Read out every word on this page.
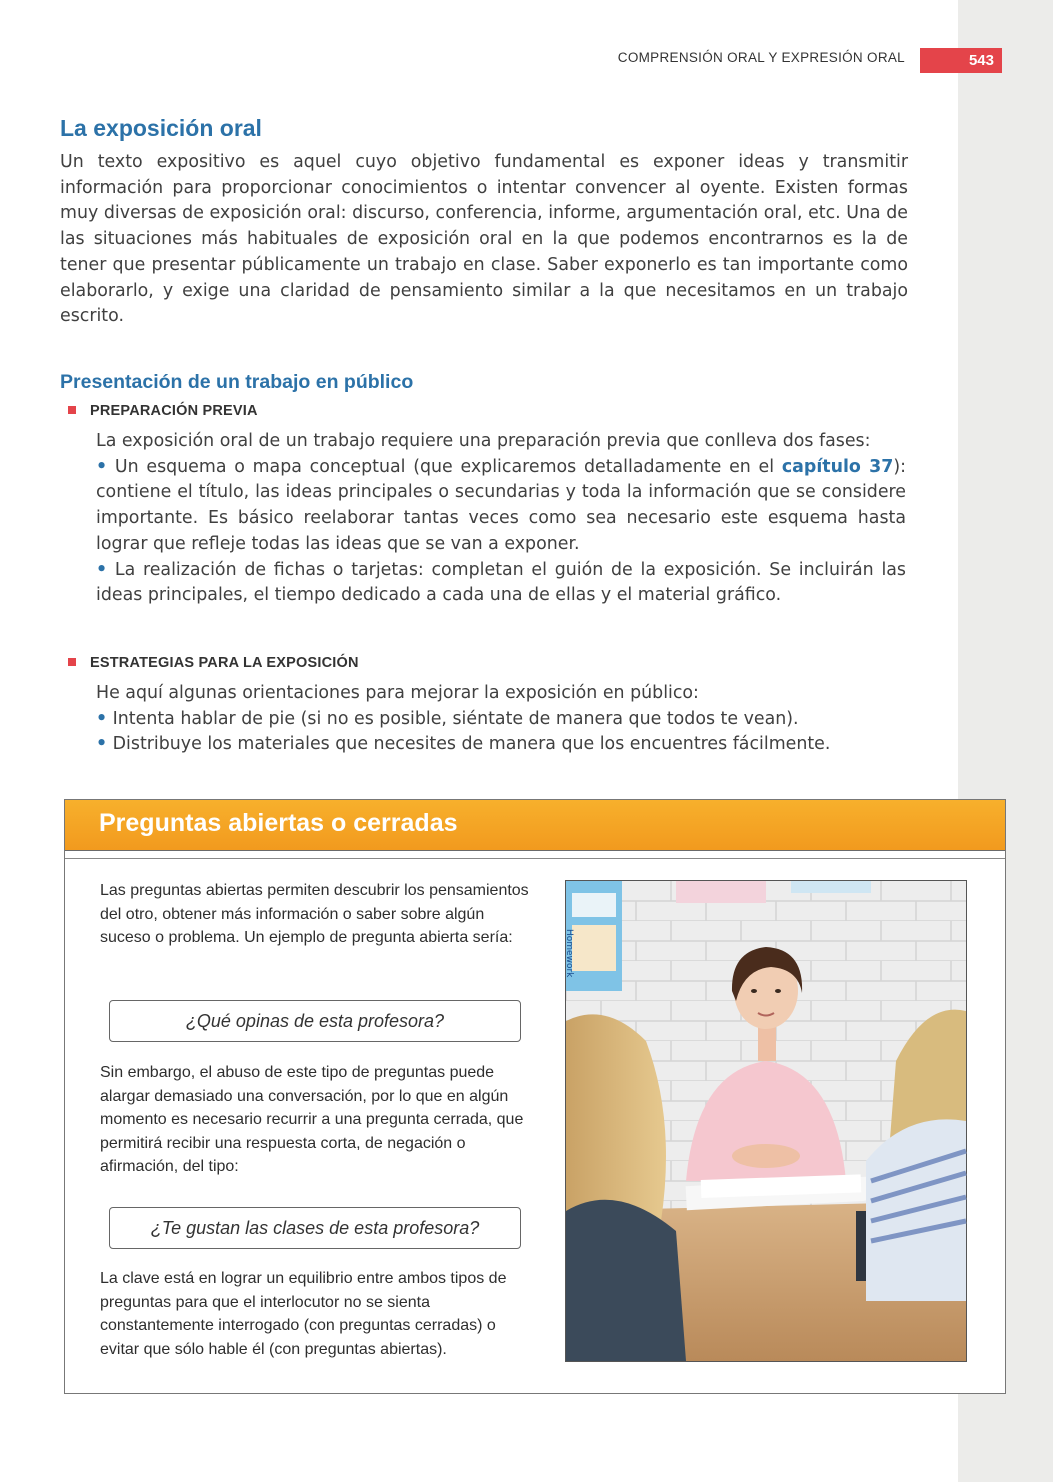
COMPRENSIÓN ORAL Y EXPRESIÓN ORAL	543
La exposición oral

Un texto expositivo es aquel cuyo objetivo fundamental es exponer ideas y transmitir información para proporcionar conocimientos o intentar convencer al oyente. Existen formas muy diversas de exposición oral: discurso, conferencia, informe, argumentación oral, etc. Una de las situaciones más habituales de exposición oral en la que podemos encontrarnos es la de tener que presentar públicamente un trabajo en clase. Saber exponerlo es tan importante como elaborarlo, y exige una claridad de pensamiento similar a la que necesitamos en un trabajo escrito.

Presentación de un trabajo en público
PREPARACIÓN PREVIA

La exposición oral de un trabajo requiere una preparación previa que conlleva dos fases:

• Un esquema o mapa conceptual (que explicaremos detalladamente en el capítulo 37): contiene el título, las ideas principales o secundarias y toda la información que se considere importante. Es básico reelaborar tantas veces como sea necesario este esquema hasta lograr que refleje todas las ideas que se van a exponer.

• La realización de fichas o tarjetas: completan el guión de la exposición. Se incluirán las ideas principales, el tiempo dedicado a cada una de ellas y el material gráfico.

ESTRATEGIAS PARA LA EXPOSICIÓN

He aquí algunas orientaciones para mejorar la exposición en público:

• Intenta hablar de pie (si no es posible, siéntate de manera que todos te vean).

• Distribuye los materiales que necesites de manera que los encuentres fácilmente.

Preguntas abiertas o cerradas

Las preguntas abiertas permiten descubrir los pensamientos del otro, obtener más información o saber sobre algún suceso o problema. Un ejemplo de pregunta abierta sería:

¿Qué opinas de esta profesora?

Sin embargo, el abuso de este tipo de preguntas puede alargar demasiado una conversación, por lo que en algún momento es necesario recurrir a una pregunta cerrada, que permitirá recibir una respuesta corta, de negación o afirmación, del tipo:

¿Te gustan las clases de esta profesora?

La clave está en lograr un equilibrio entre ambos tipos de preguntas para que el interlocutor no se sienta constantemente interrogado (con preguntas cerradas) o evitar que sólo hable él (con preguntas abiertas).

Homework
